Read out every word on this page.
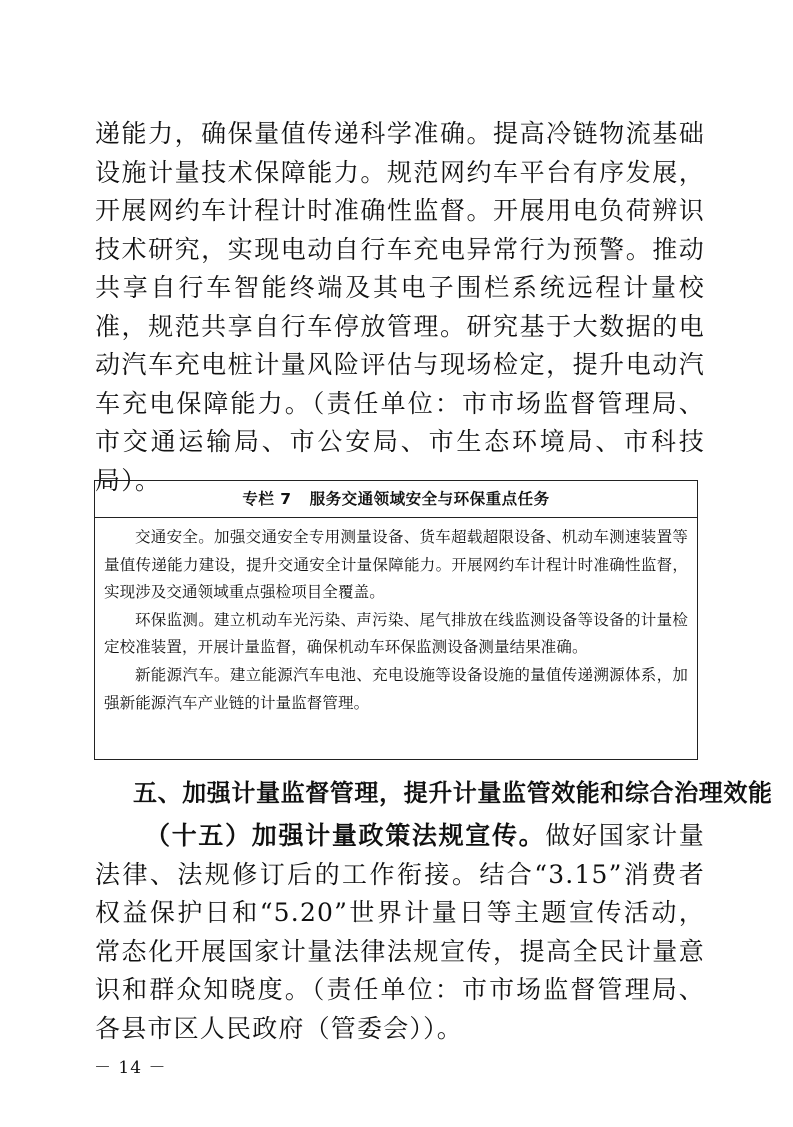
递能力，确保量值传递科学准确。提高冷链物流基础设施计量技术保障能力。规范网约车平台有序发展，开展网约车计程计时准确性监督。开展用电负荷辨识技术研究，实现电动自行车充电异常行为预警。推动共享自行车智能终端及其电子围栏系统远程计量校准，规范共享自行车停放管理。研究基于大数据的电动汽车充电桩计量风险评估与现场检定，提升电动汽车充电保障能力。（责任单位：市市场监督管理局、市交通运输局、市公安局、市生态环境局、市科技局）。
专栏 7 服务交通领域安全与环保重点任务

交通安全。加强交通安全专用测量设备、货车超载超限设备、机动车测速装置等量值传递能力建设，提升交通安全计量保障能力。开展网约车计程计时准确性监督，实现涉及交通领域重点强检项目全覆盖。

环保监测。建立机动车光污染、声污染、尾气排放在线监测设备等设备的计量检定校准装置，开展计量监督，确保机动车环保监测设备测量结果准确。

新能源汽车。建立能源汽车电池、充电设施等设备设施的量值传递溯源体系，加强新能源汽车产业链的计量监督管理。

五、加强计量监督管理，提升计量监管效能和综合治理效能
（十五）加强计量政策法规宣传。做好国家计量法律、法规修订后的工作衔接。结合“3.15”消费者权益保护日和“5.20”世界计量日等主题宣传活动，常态化开展国家计量法律法规宣传，提高全民计量意识和群众知晓度。（责任单位：市市场监督管理局、各县市区人民政府（管委会））。
－ 14 －
